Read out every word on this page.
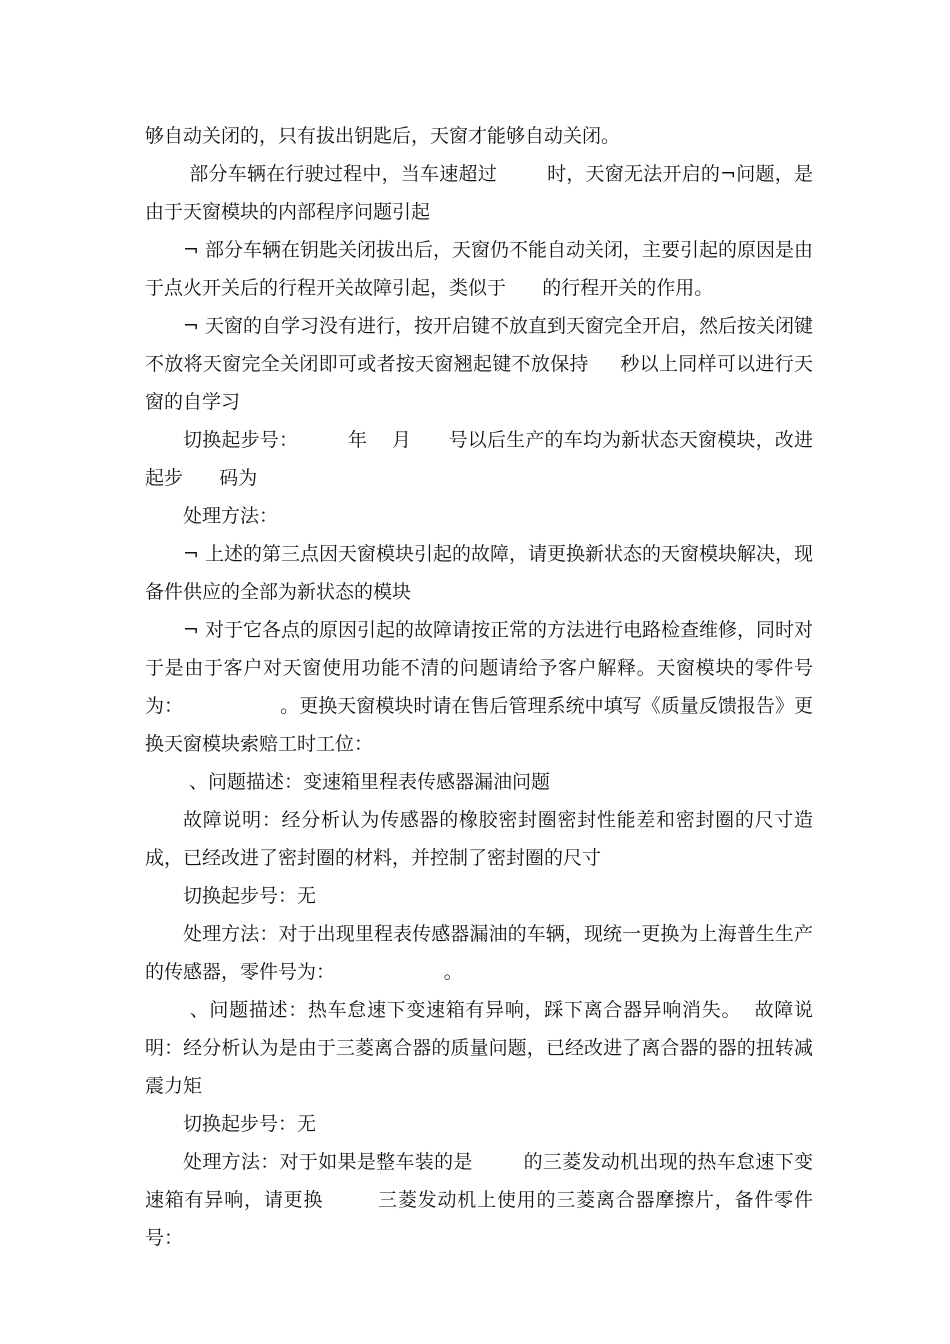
够自动关闭的，只有拔出钥匙后，天窗才能够自动关闭。

部分车辆在行驶过程中，当车速超过        时，天窗无法开启的¬问题，是由于天窗模块的内部程序问题引起

¬ 部分车辆在钥匙关闭拔出后，天窗仍不能自动关闭，主要引起的原因是由于点火开关后的行程开关故障引起，类似于      的行程开关的作用。

¬ 天窗的自学习没有进行，按开启键不放直到天窗完全开启，然后按关闭键不放将天窗完全关闭即可或者按天窗翘起键不放保持     秒以上同样可以进行天窗的自学习

切换起步号：        年    月      号以后生产的车均为新状态天窗模块，改进起步      码为

处理方法：

¬ 上述的第三点因天窗模块引起的故障，请更换新状态的天窗模块解决，现备件供应的全部为新状态的模块

¬ 对于它各点的原因引起的故障请按正常的方法进行电路检查维修，同时对于是由于客户对天窗使用功能不清的问题请给予客户解释。天窗模块的零件号为：                。更换天窗模块时请在售后管理系统中填写《质量反馈报告》更换天窗模块索赔工时工位：

、问题描述：变速箱里程表传感器漏油问题

故障说明：经分析认为传感器的橡胶密封圈密封性能差和密封圈的尺寸造成，已经改进了密封圈的材料，并控制了密封圈的尺寸

切换起步号：无

处理方法：对于出现里程表传感器漏油的车辆，现统一更换为上海普生生产的传感器，零件号为：                  。

、问题描述：热车怠速下变速箱有异响，踩下离合器异响消失。  故障说明：经分析认为是由于三菱离合器的质量问题，已经改进了离合器的器的扭转减震力矩

切换起步号：无

处理方法：对于如果是整车装的是        的三菱发动机出现的热车怠速下变速箱有异响，请更换        三菱发动机上使用的三菱离合器摩擦片，备件零件号：
